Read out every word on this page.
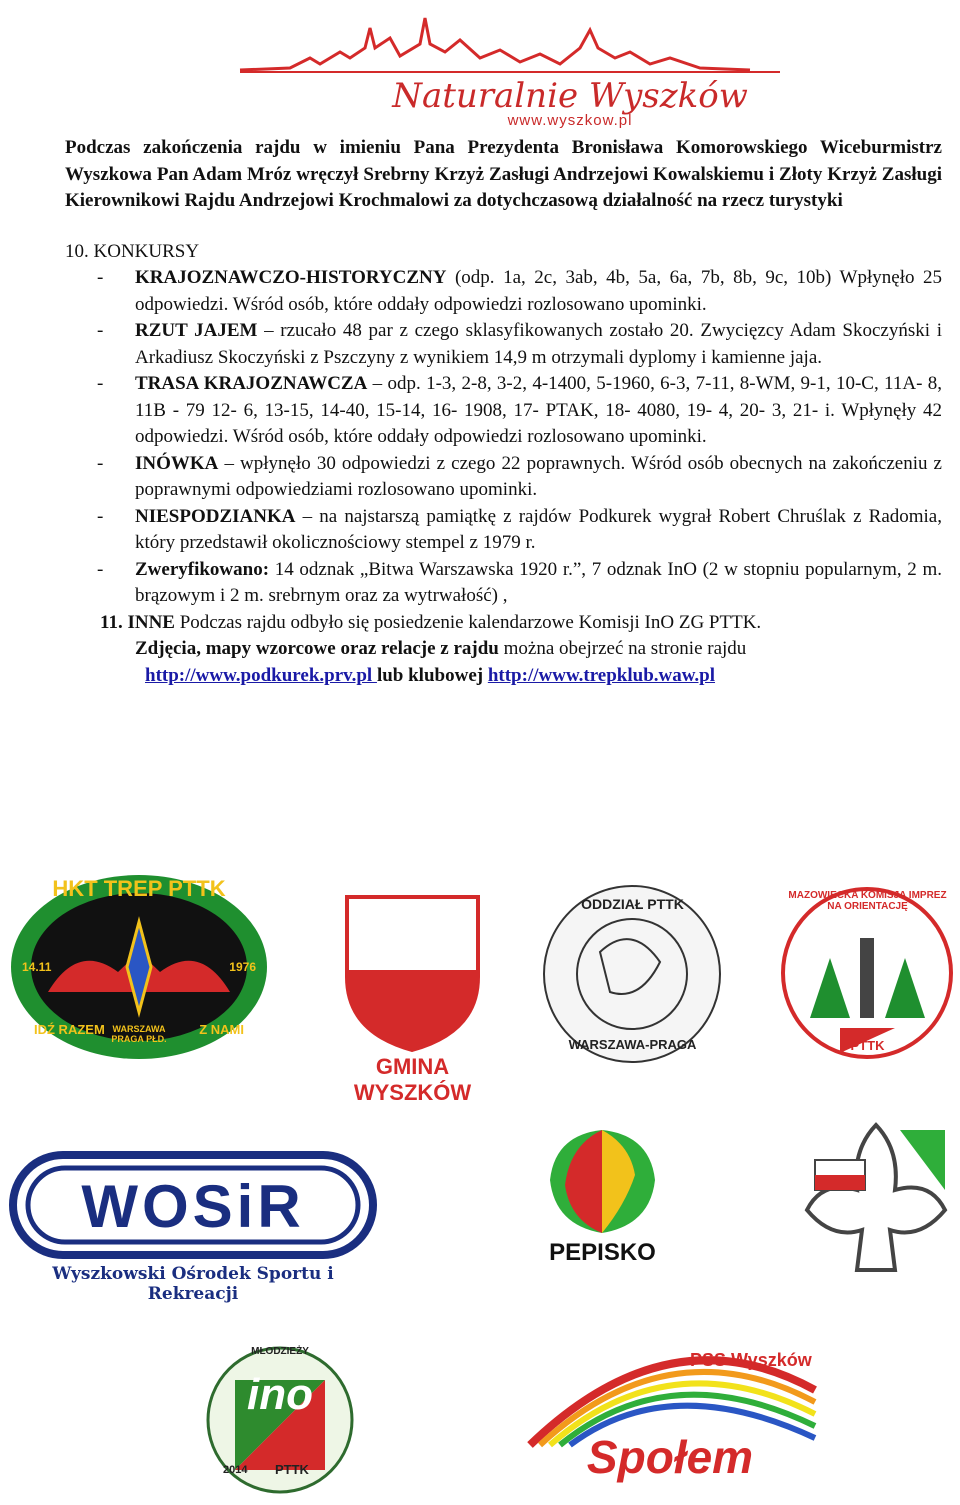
Naturalnie Wyszków
www.wyszkow.pl

Podczas zakończenia rajdu w imieniu Pana Prezydenta Bronisława Komorowskiego Wiceburmistrz Wyszkowa Pan Adam Mróz wręczył Srebrny Krzyż Zasługi Andrzejowi Kowalskiemu i Złoty Krzyż Zasługi Kierownikowi Rajdu Andrzejowi Krochmalowi za dotychczasową działalność na rzecz turystyki

10. KONKURSY

- KRAJOZNAWCZO-HISTORYCZNY (odp. 1a, 2c, 3ab, 4b, 5a, 6a, 7b, 8b, 9c, 10b) Wpłynęło 25 odpowiedzi. Wśród osób, które oddały odpowiedzi rozlosowano upominki.

- RZUT JAJEM – rzucało 48 par z czego sklasyfikowanych zostało 20. Zwycięzcy Adam Skoczyński i Arkadiusz Skoczyński z Pszczyny z wynikiem 14,9 m otrzymali dyplomy i kamienne jaja.

- TRASA KRAJOZNAWCZA – odp. 1-3, 2-8, 3-2, 4-1400, 5-1960, 6-3, 7-11, 8-WM, 9-1, 10-C, 11A- 8, 11B - 79 12- 6, 13-15, 14-40, 15-14, 16- 1908, 17- PTAK, 18- 4080, 19- 4, 20- 3, 21- i. Wpłynęły 42 odpowiedzi. Wśród osób, które oddały odpowiedzi rozlosowano upominki.

- INÓWKA – wpłynęło 30 odpowiedzi z czego 22 poprawnych. Wśród osób obecnych na zakończeniu z poprawnymi odpowiedziami rozlosowano upominki.

- NIESPODZIANKA – na najstarszą pamiątkę z rajdów Podkurek wygrał Robert Chruślak z Radomia, który przedstawił okolicznościowy stempel z 1979 r.

- Zweryfikowano: 14 odznak „Bitwa Warszawska 1920 r.”, 7 odznak InO (2 w stopniu popularnym, 2 m. brązowym i 2 m. srebrnym oraz za wytrwałość) ,

11. INNE Podczas rajdu odbyło się posiedzenie kalendarzowe Komisji InO ZG PTTK.

Zdjęcia, mapy wzorcowe oraz relacje z rajdu można obejrzeć na stronie rajdu

http://www.podkurek.prv.pl lub klubowej http://www.trepklub.waw.pl

HKT TREP PTTK
14.11	1976
IDŹ RAZEM WARSZAWA PRAGA PŁD.
Z NAMI
GMINA WYSZKÓW
ODDZIAŁ PTTK
WARSZAWA-PRAGA
MAZOWIECKA KOMISJA IMPREZ NA ORIENTACJĘ
PTTK
WOSiR
Wyszkowski Ośrodek Sportu i Rekreacji
PEPISKO
MŁODZIEŻY
ino
2014 PTTK
PSS Wyszków
Społem
